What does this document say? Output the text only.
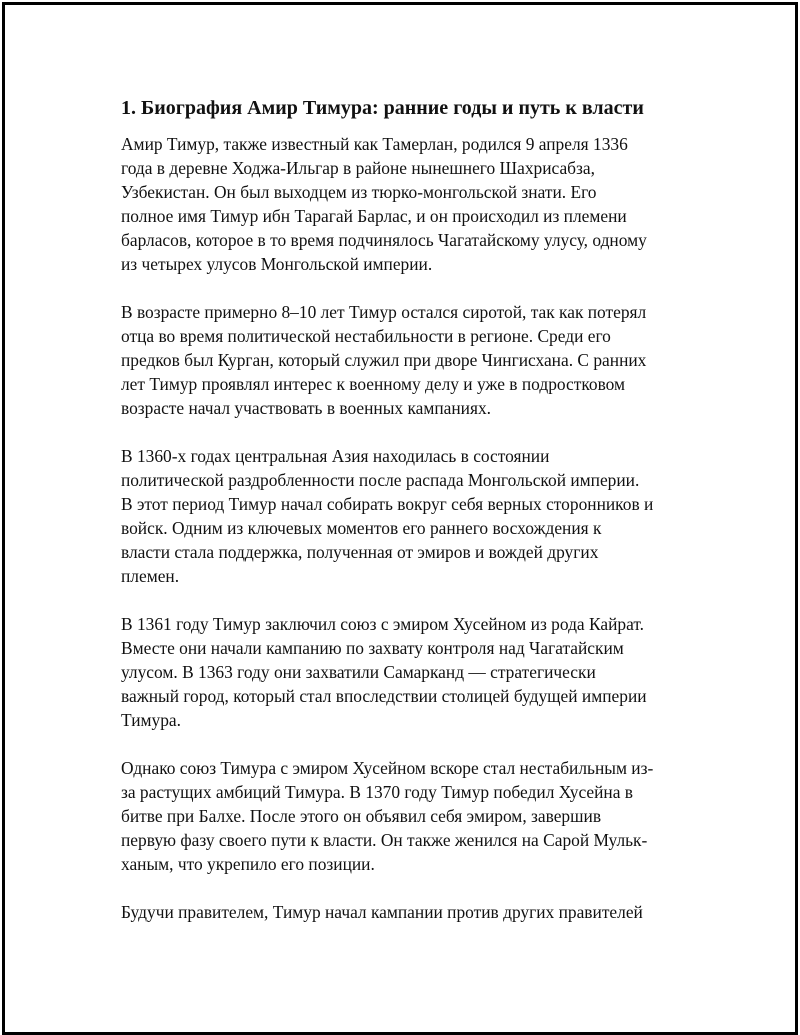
1. Биография Амир Тимура: ранние годы и путь к власти

Амир Тимур, также известный как Тамерлан, родился 9 апреля 1336
года в деревне Ходжа-Ильгар в районе нынешнего Шахрисабза,
Узбекистан. Он был выходцем из тюрко-монгольской знати. Его
полное имя Тимур ибн Тарагай Барлас, и он происходил из племени
барласов, которое в то время подчинялось Чагатайскому улусу, одному
из четырех улусов Монгольской империи.

В возрасте примерно 8–10 лет Тимур остался сиротой, так как потерял
отца во время политической нестабильности в регионе. Среди его
предков был Курган, который служил при дворе Чингисхана. С ранних
лет Тимур проявлял интерес к военному делу и уже в подростковом
возрасте начал участвовать в военных кампаниях.

В 1360-х годах центральная Азия находилась в состоянии
политической раздробленности после распада Монгольской империи.
В этот период Тимур начал собирать вокруг себя верных сторонников и
войск. Одним из ключевых моментов его раннего восхождения к
власти стала поддержка, полученная от эмиров и вождей других
племен.

В 1361 году Тимур заключил союз с эмиром Хусейном из рода Кайрат.
Вместе они начали кампанию по захвату контроля над Чагатайским
улусом. В 1363 году они захватили Самарканд — стратегически
важный город, который стал впоследствии столицей будущей империи
Тимура.

Однако союз Тимура с эмиром Хусейном вскоре стал нестабильным из-
за растущих амбиций Тимура. В 1370 году Тимур победил Хусейна в
битве при Балхе. После этого он объявил себя эмиром, завершив
первую фазу своего пути к власти. Он также женился на Сарой Мульк-
ханым, что укрепило его позиции.

Будучи правителем, Тимур начал кампании против других правителей
